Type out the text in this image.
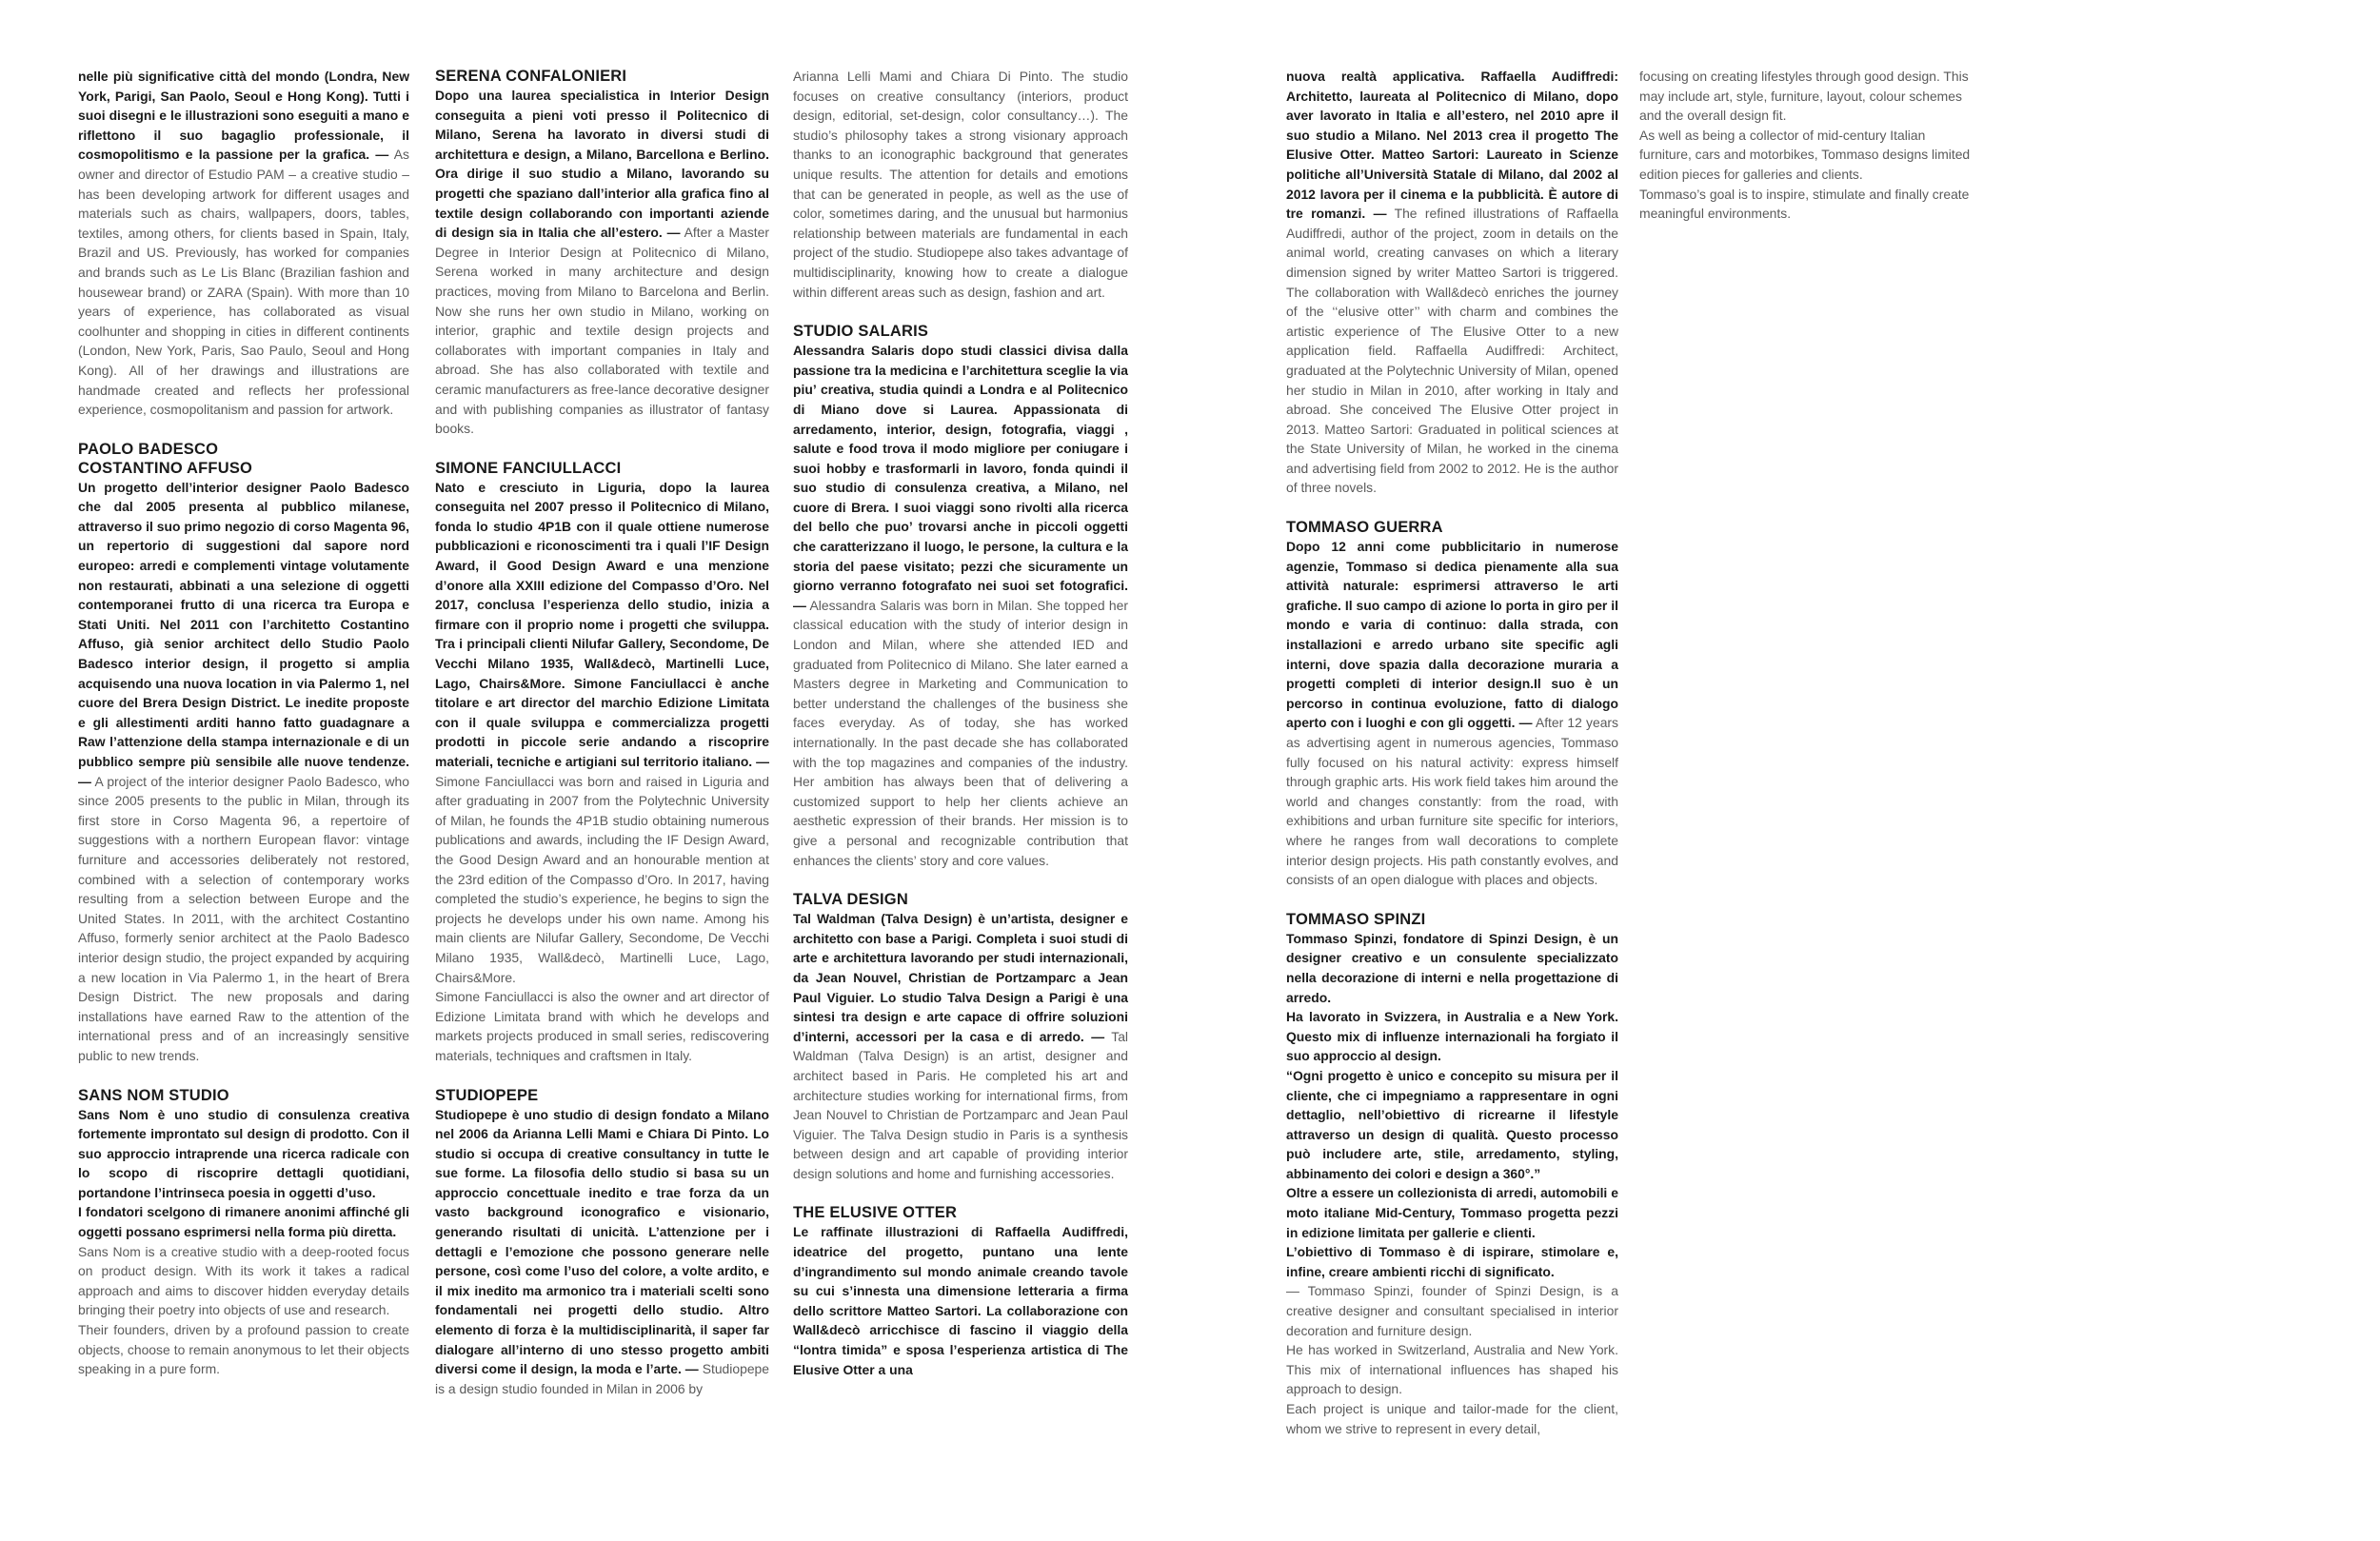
nelle più significative città del mondo (Londra, New York, Parigi, San Paolo, Seoul e Hong Kong). Tutti i suoi disegni e le illustrazioni sono eseguiti a mano e riflettono il suo bagaglio professionale, il cosmopolitismo e la passione per la grafica. — As owner and director of Estudio PAM – a creative studio – has been developing artwork for different usages and materials such as chairs, wallpapers, doors, tables, textiles, among others, for clients based in Spain, Italy, Brazil and US. Previously, has worked for companies and brands such as Le Lis Blanc (Brazilian fashion and housewear brand) or ZARA (Spain). With more than 10 years of experience, has collaborated as visual coolhunter and shopping in cities in different continents (London, New York, Paris, Sao Paulo, Seoul and Hong Kong). All of her drawings and illustrations are handmade created and reflects her professional experience, cosmopolitanism and passion for artwork.

PAOLO BADESCO
COSTANTINO AFFUSO

Un progetto dell’interior designer Paolo Badesco che dal 2005 presenta al pubblico milanese, attraverso il suo primo negozio di corso Magenta 96, un repertorio di suggestioni dal sapore nord europeo: arredi e complementi vintage volutamente non restaurati, abbinati a una selezione di oggetti contemporanei frutto di una ricerca tra Europa e Stati Uniti. Nel 2011 con l’architetto Costantino Affuso, già senior architect dello Studio Paolo Badesco interior design, il progetto si amplia acquisendo una nuova location in via Palermo 1, nel cuore del Brera Design District. Le inedite proposte e gli allestimenti arditi hanno fatto guadagnare a Raw l’attenzione della stampa internazionale e di un pubblico sempre più sensibile alle nuove tendenze. — A project of the interior designer Paolo Badesco, who since 2005 presents to the public in Milan, through its first store in Corso Magenta 96, a repertoire of suggestions with a northern European flavor: vintage furniture and accessories deliberately not restored, combined with a selection of contemporary works resulting from a selection between Europe and the United States. In 2011, with the architect Costantino Affuso, formerly senior architect at the Paolo Badesco interior design studio, the project expanded by acquiring a new location in Via Palermo 1, in the heart of Brera Design District. The new proposals and daring installations have earned Raw to the attention of the international press and of an increasingly sensitive public to new trends.

SANS NOM STUDIO

Sans Nom è uno studio di consulenza creativa fortemente improntato sul design di prodotto. Con il suo approccio intraprende una ricerca radicale con lo scopo di riscoprire dettagli quotidiani, portandone l’intrinseca poesia in oggetti d’uso.

I fondatori scelgono di rimanere anonimi affinché gli oggetti possano esprimersi nella forma più diretta.

Sans Nom is a creative studio with a deep-rooted focus on product design. With its work it takes a radical approach and aims to discover hidden everyday details bringing their poetry into objects of use and research.

Their founders, driven by a profound passion to create objects, choose to remain anonymous to let their objects speaking in a pure form.

SERENA CONFALONIERI

Dopo una laurea specialistica in Interior Design conseguita a pieni voti presso il Politecnico di Milano, Serena ha lavorato in diversi studi di architettura e design, a Milano, Barcellona e Berlino. Ora dirige il suo studio a Milano, lavorando su progetti che spaziano dall’interior alla grafica fino al textile design collaborando con importanti aziende di design sia in Italia che all’estero. — After a Master Degree in Interior Design at Politecnico di Milano, Serena worked in many architecture and design practices, moving from Milano to Barcelona and Berlin. Now she runs her own studio in Milano, working on interior, graphic and textile design projects and collaborates with important companies in Italy and abroad. She has also collaborated with textile and ceramic manufacturers as free-lance decorative designer and with publishing companies as illustrator of fantasy books.

SIMONE FANCIULLACCI

Nato e cresciuto in Liguria, dopo la laurea conseguita nel 2007 presso il Politecnico di Milano, fonda lo studio 4P1B con il quale ottiene numerose pubblicazioni e riconoscimenti tra i quali l’IF Design Award, il Good Design Award e una menzione d’onore alla XXIII edizione del Compasso d’Oro. Nel 2017, conclusa l’esperienza dello studio, inizia a firmare con il proprio nome i progetti che sviluppa. Tra i principali clienti Nilufar Gallery, Secondome, De Vecchi Milano 1935, Wall&decò, Martinelli Luce, Lago, Chairs&More. Simone Fanciullacci è anche titolare e art director del marchio Edizione Limitata con il quale sviluppa e commercializza progetti prodotti in piccole serie andando a riscoprire materiali, tecniche e artigiani sul territorio italiano. — Simone Fanciullacci was born and raised in Liguria and after graduating in 2007 from the Polytechnic University of Milan, he founds the 4P1B studio obtaining numerous publications and awards, including the IF Design Award, the Good Design Award and an honourable mention at the 23rd edition of the Compasso d’Oro. In 2017, having completed the studio’s experience, he begins to sign the projects he develops under his own name. Among his main clients are Nilufar Gallery, Secondome, De Vecchi Milano 1935, Wall&decò, Martinelli Luce, Lago, Chairs&More.

Simone Fanciullacci is also the owner and art director of Edizione Limitata brand with which he develops and markets projects produced in small series, rediscovering materials, techniques and craftsmen in Italy.

STUDIOPEPE

Studiopepe è uno studio di design fondato a Milano nel 2006 da Arianna Lelli Mami e Chiara Di Pinto. Lo studio si occupa di creative consultancy in tutte le sue forme. La filosofia dello studio si basa su un approccio concettuale inedito e trae forza da un vasto background iconografico e visionario, generando risultati di unicità. L’attenzione per i dettagli e l’emozione che possono generare nelle persone, così come l’uso del colore, a volte ardito, e il mix inedito ma armonico tra i materiali scelti sono fondamentali nei progetti dello studio. Altro elemento di forza è la multidisciplinarità, il saper far dialogare all’interno di uno stesso progetto ambiti diversi come il design, la moda e l’arte. — Studiopepe is a design studio founded in Milan in 2006 by

Arianna Lelli Mami and Chiara Di Pinto. The studio focuses on creative consultancy (interiors, product design, editorial, set-design, color consultancy…). The studio’s philosophy takes a strong visionary approach thanks to an iconographic background that generates unique results. The attention for details and emotions that can be generated in people, as well as the use of color, sometimes daring, and the unusual but harmonius relationship between materials are fundamental in each project of the studio. Studiopepe also takes advantage of multidisciplinarity, knowing how to create a dialogue within different areas such as design, fashion and art.

STUDIO SALARIS

Alessandra Salaris dopo studi classici divisa dalla passione tra la medicina e l’architettura sceglie la via piu’ creativa, studia quindi a Londra e al Politecnico di Miano dove si Laurea. Appassionata di arredamento, interior, design, fotografia, viaggi , salute e food trova il modo migliore per coniugare i suoi hobby e trasformarli in lavoro, fonda quindi il suo studio di consulenza creativa, a Milano, nel cuore di Brera. I suoi viaggi sono rivolti alla ricerca del bello che puo’ trovarsi anche in piccoli oggetti che caratterizzano il luogo, le persone, la cultura e la storia del paese visitato; pezzi che sicuramente un giorno verranno fotografato nei suoi set fotografici. — Alessandra Salaris was born in Milan. She topped her classical education with the study of interior design in London and Milan, where she attended IED and graduated from Politecnico di Milano. She later earned a Masters degree in Marketing and Communication to better understand the challenges of the business she faces everyday. As of today, she has worked internationally. In the past decade she has collaborated with the top magazines and companies of the industry. Her ambition has always been that of delivering a customized support to help her clients achieve an aesthetic expression of their brands. Her mission is to give a personal and recognizable contribution that enhances the clients’ story and core values.

TALVA DESIGN

Tal Waldman (Talva Design) è un’artista, designer e architetto con base a Parigi. Completa i suoi studi di arte e architettura lavorando per studi internazionali, da Jean Nouvel, Christian de Portzamparc a Jean Paul Viguier. Lo studio Talva Design a Parigi è una sintesi tra design e arte capace di offrire soluzioni d’interni, accessori per la casa e di arredo. — Tal Waldman (Talva Design) is an artist, designer and architect based in Paris. He completed his art and architecture studies working for international firms, from Jean Nouvel to Christian de Portzamparc and Jean Paul Viguier. The Talva Design studio in Paris is a synthesis between design and art capable of providing interior design solutions and home and furnishing accessories.

THE ELUSIVE OTTER

Le raffinate illustrazioni di Raffaella Audiffredi, ideatrice del progetto, puntano una lente d’ingrandimento sul mondo animale creando tavole su cui s’innesta una dimensione letteraria a firma dello scrittore Matteo Sartori. La collaborazione con Wall&decò arricchisce di fascino il viaggio della “lontra timida” e sposa l’esperienza artistica di The Elusive Otter a una

nuova realtà applicativa. Raffaella Audiffredi: Architetto, laureata al Politecnico di Milano, dopo aver lavorato in Italia e all’estero, nel 2010 apre il suo studio a Milano. Nel 2013 crea il progetto The Elusive Otter. Matteo Sartori: Laureato in Scienze politiche all’Università Statale di Milano, dal 2002 al 2012 lavora per il cinema e la pubblicità. È autore di tre romanzi. — The refined illustrations of Raffaella Audiffredi, author of the project, zoom in details on the animal world, creating canvases on which a literary dimension signed by writer Matteo Sartori is triggered. The collaboration with Wall&decò enriches the journey of the ‘‘elusive otter’’ with charm and combines the artistic experience of The Elusive Otter to a new application field. Raffaella Audiffredi: Architect, graduated at the Polytechnic University of Milan, opened her studio in Milan in 2010, after working in Italy and abroad. She conceived The Elusive Otter project in 2013. Matteo Sartori: Graduated in political sciences at the State University of Milan, he worked in the cinema and advertising field from 2002 to 2012. He is the author of three novels.

TOMMASO GUERRA

Dopo 12 anni come pubblicitario in numerose agenzie, Tommaso si dedica pienamente alla sua attività naturale: esprimersi attraverso le arti grafiche. Il suo campo di azione lo porta in giro per il mondo e varia di continuo: dalla strada, con installazioni e arredo urbano site specific agli interni, dove spazia dalla decorazione muraria a progetti completi di interior design.Il suo è un percorso in continua evoluzione, fatto di dialogo aperto con i luoghi e con gli oggetti. — After 12 years as advertising agent in numerous agencies, Tommaso fully focused on his natural activity: express himself through graphic arts. His work field takes him around the world and changes constantly: from the road, with exhibitions and urban furniture site specific for interiors, where he ranges from wall decorations to complete interior design projects. His path constantly evolves, and consists of an open dialogue with places and objects.

TOMMASO SPINZI

Tommaso Spinzi, fondatore di Spinzi Design, è un designer creativo e un consulente specializzato nella decorazione di interni e nella progettazione di arredo.

Ha lavorato in Svizzera, in Australia e a New York. Questo mix di influenze internazionali ha forgiato il suo approccio al design.

“Ogni progetto è unico e concepito su misura per il cliente, che ci impegniamo a rappresentare in ogni dettaglio, nell’obiettivo di ricrearne il lifestyle attraverso un design di qualità. Questo processo può includere arte, stile, arredamento, styling, abbinamento dei colori e design a 360°.”

Oltre a essere un collezionista di arredi, automobili e moto italiane Mid-Century, Tommaso progetta pezzi in edizione limitata per gallerie e clienti.

L’obiettivo di Tommaso è di ispirare, stimolare e, infine, creare ambienti ricchi di significato.

— Tommaso Spinzi, founder of Spinzi Design, is a creative designer and consultant specialised in interior decoration and furniture design.

He has worked in Switzerland, Australia and New York. This mix of international influences has shaped his approach to design.

Each project is unique and tailor-made for the client, whom we strive to represent in every detail,

focusing on creating lifestyles through good design. This may include art, style, furniture, layout, colour schemes and the overall design fit.

As well as being a collector of mid-century Italian furniture, cars and motorbikes, Tommaso designs limited edition pieces for galleries and clients.

Tommaso’s goal is to inspire, stimulate and finally create meaningful environments.
